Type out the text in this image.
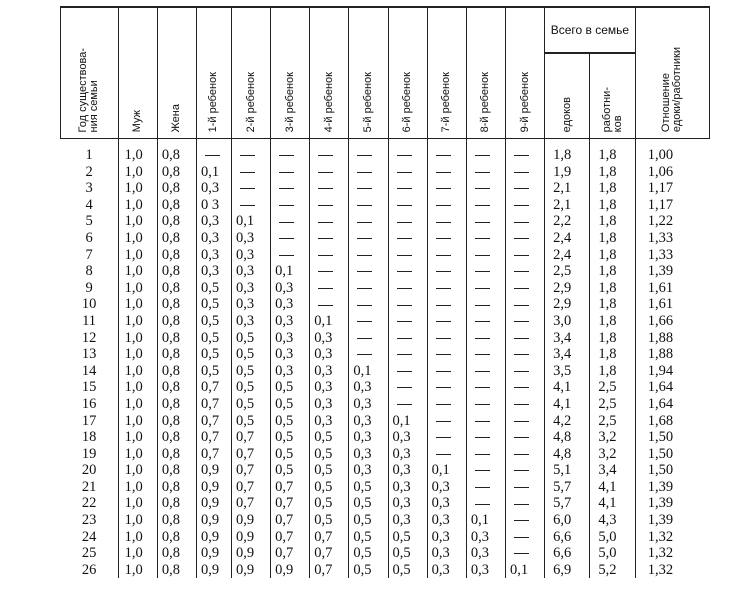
Год существова-
ния семьи	Муж	Жена	1-й ребенок	2-й ребенок	3-й ребенок	4-й ребенок	5-й ребенок	6-й ребенок	7-й ребенок	8-й ребенок	9-й ребенок	Всего в семье		Отношение
едоки/работники

												едоков	работни-
ков	

1	1,0	0,8										1,8	1,8	1,00
2	1,0	0,8	0,1									1,9	1,8	1,06
3	1,0	0,8	0,3									2,1	1,8	1,17
4	1,0	0,8	0 3									2,1	1,8	1,17
5	1,0	0,8	0,3	0,1								2,2	1,8	1,22
6	1,0	0,8	0,3	0,3								2,4	1,8	1,33
7	1,0	0,8	0,3	0,3								2,4	1,8	1,33
8	1,0	0,8	0,3	0,3	0,1							2,5	1,8	1,39
9	1,0	0,8	0,5	0,3	0,3							2,9	1,8	1,61
10	1,0	0,8	0,5	0,3	0,3							2,9	1,8	1,61
11	1,0	0,8	0,5	0,3	0,3	0,1						3,0	1,8	1,66
12	1,0	0,8	0,5	0,5	0,3	0,3						3,4	1,8	1,88
13	1,0	0,8	0,5	0,5	0,3	0,3						3,4	1,8	1,88
14	1,0	0,8	0,5	0,5	0,3	0,3	0,1					3,5	1,8	1,94
15	1,0	0,8	0,7	0,5	0,5	0,3	0,3					4,1	2,5	1,64
16	1,0	0,8	0,7	0,5	0,5	0,3	0,3					4,1	2,5	1,64
17	1,0	0,8	0,7	0,5	0,5	0,3	0,3	0,1				4,2	2,5	1,68
18	1,0	0,8	0,7	0,7	0,5	0,5	0,3	0,3				4,8	3,2	1,50
19	1,0	0,8	0,7	0,7	0,5	0,5	0,3	0,3				4,8	3,2	1,50
20	1,0	0,8	0,9	0,7	0,5	0,5	0,3	0,3	0,1			5,1	3,4	1,50
21	1,0	0,8	0,9	0,7	0,7	0,5	0,5	0,3	0,3			5,7	4,1	1,39
22	1,0	0,8	0,9	0,7	0,7	0,5	0,5	0,3	0,3			5,7	4,1	1,39
23	1,0	0,8	0,9	0,9	0,7	0,5	0,5	0,3	0,3	0,1		6,0	4,3	1,39
24	1,0	0,8	0,9	0,9	0,7	0,7	0,5	0,5	0,3	0,3		6,6	5,0	1,32
25	1,0	0,8	0,9	0,9	0,7	0,7	0,5	0,5	0,3	0,3		6,6	5,0	1,32
26	1,0	0,8	0,9	0,9	0,9	0,7	0,5	0,5	0,3	0,3	0,1	6,9	5,2	1,32
